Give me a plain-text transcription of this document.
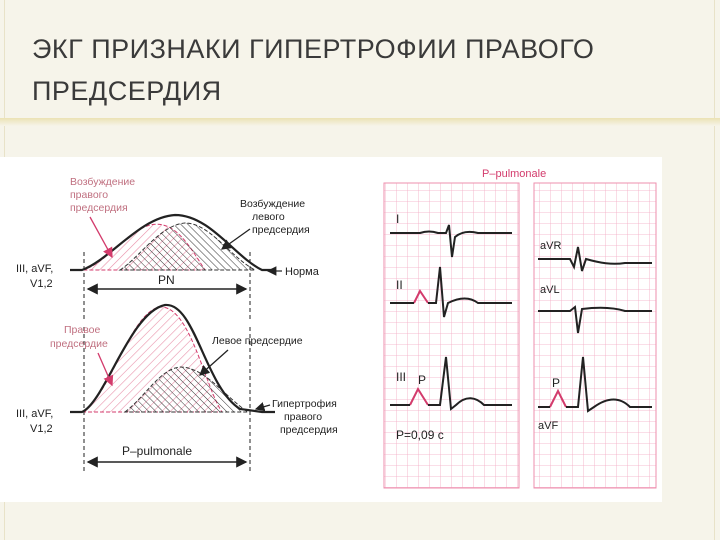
ЭКГ ПРИЗНАКИ ГИПЕРТРОФИИ ПРАВОГО ПРЕДСЕРДИЯ
PN
Возбуждение
правого
предсердия	Возбуждение
левого
предсердия
III, aVF,
V1,2
Норма
P–pulmonale
Правое
предсердие	Левое предсердие
III, aVF,
V1,2
Гипертрофия
правого
предсердия
P–pulmonale
I
II
III P
P=0,09 с
aVR
aVL
P
aVF
